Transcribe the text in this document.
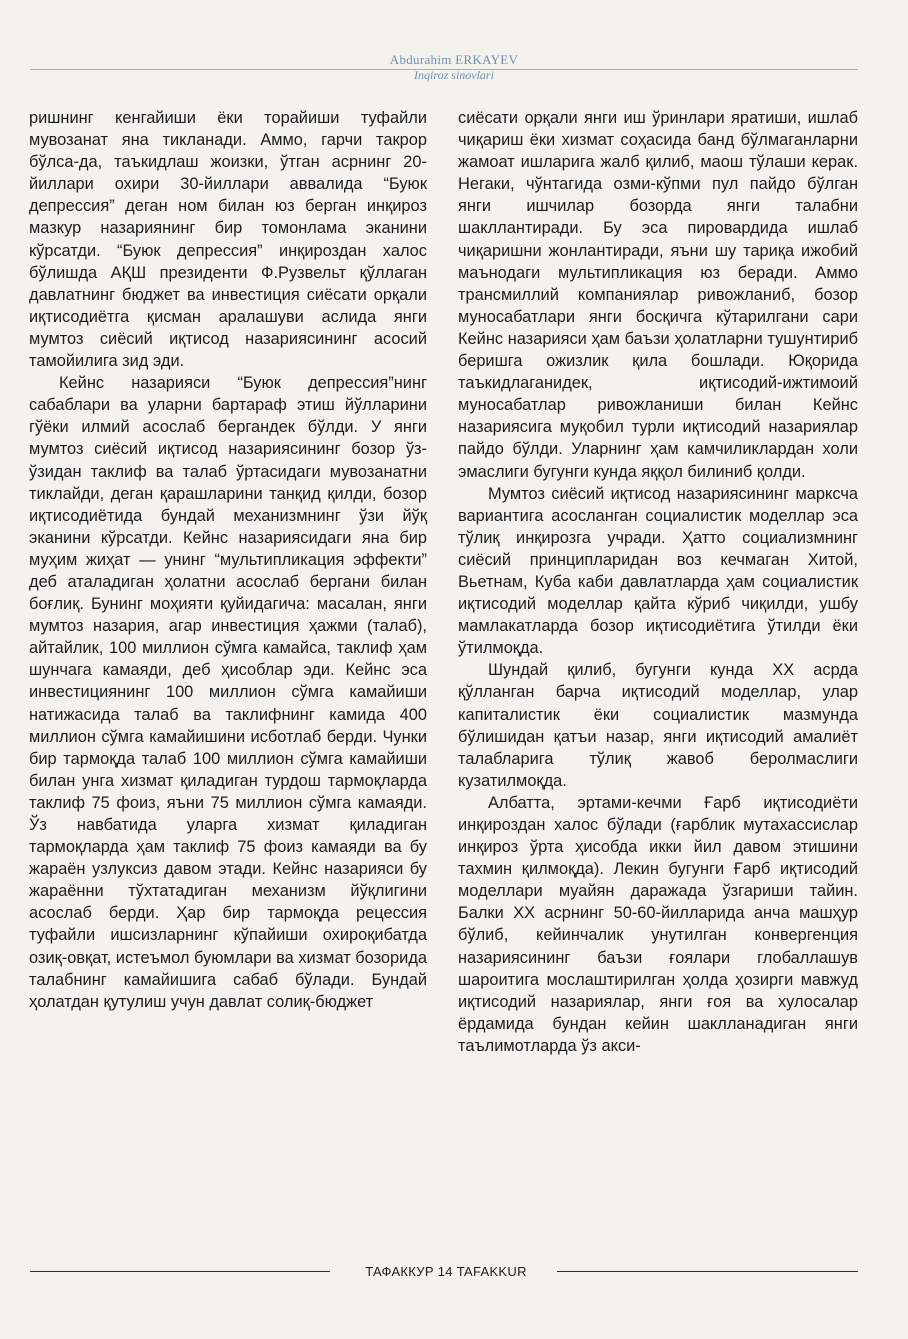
Abdurahim ERKAYEV
Inqiroz sinovlari

ришнинг кенгайиши ёки торайиши туфайли мувозанат яна тикланади. Аммо, гарчи такрор бўлса-да, таъкидлаш жоизки, ўтган асрнинг 20-йиллари охири 30-йиллари аввалида “Буюк депрессия” деган ном билан юз берган инқироз мазкур назариянинг бир томонлама эканини кўрсатди. “Буюк депрессия” инқироздан халос бўлишда АҚШ президенти Ф.Рузвельт қўллаган давлатнинг бюджет ва инвестиция сиёсати орқали иқтисодиётга қисман аралашуви аслида янги мумтоз сиёсий иқтисод назариясининг асосий тамойилига зид эди.

Кейнс назарияси “Буюк депрессия”нинг сабаблари ва уларни бартараф этиш йўлларини гўёки илмий асослаб бергандек бўлди. У янги мумтоз сиёсий иқтисод назариясининг бозор ўз-ўзидан таклиф ва талаб ўртасидаги мувозанатни тиклайди, деган қарашларини танқид қилди, бозор иқтисодиётида бундай механизмнинг ўзи йўқ эканини кўрсатди. Кейнс назариясидаги яна бир муҳим жиҳат — унинг “мультипликация эффекти” деб аталадиган ҳолатни асослаб бергани билан боғлиқ. Бунинг моҳияти қуйидагича: масалан, янги мумтоз назария, агар инвестиция ҳажми (талаб), айтайлик, 100 миллион сўмга камайса, таклиф ҳам шунчага камаяди, деб ҳисоблар эди. Кейнс эса инвестициянинг 100 миллион сўмга камайиши натижасида талаб ва таклифнинг камида 400 миллион сўмга камайишини исботлаб берди. Чунки бир тармоқда талаб 100 миллион сўмга камайиши билан унга хизмат қиладиган турдош тармоқларда таклиф 75 фоиз, яъни 75 миллион сўмга камаяди. Ўз навбатида уларга хизмат қиладиган тармоқларда ҳам таклиф 75 фоиз камаяди ва бу жараён узлуксиз давом этади. Кейнс назарияси бу жараённи тўхтатадиган механизм йўқлигини асослаб берди. Ҳар бир тармоқда рецессия туфайли ишсизларнинг кўпайиши охироқибатда озиқ-овқат, истеъмол буюмлари ва хизмат бозорида талабнинг камайишига сабаб бўлади. Бундай ҳолатдан қутулиш учун давлат солиқ-бюджет

сиёсати орқали янги иш ўринлари яратиши, ишлаб чиқариш ёки хизмат соҳасида банд бўлмаганларни жамоат ишларига жалб қилиб, маош тўлаши керак. Негаки, чўнтагида озми-кўпми пул пайдо бўлган янги ишчилар бозорда янги талабни шакллантиради. Бу эса пировардида ишлаб чиқаришни жонлантиради, яъни шу тариқа ижобий маънодаги мультипликация юз беради. Аммо трансмиллий компаниялар ривожланиб, бозор муносабатлари янги босқичга кўтарилгани сари Кейнс назарияси ҳам баъзи ҳолатларни тушунтириб беришга ожизлик қила бошлади. Юқорида таъкидлаганидек, иқтисодий-ижтимоий муносабатлар ривожланиши билан Кейнс назариясига муқобил турли иқтисодий назариялар пайдо бўлди. Уларнинг ҳам камчиликлардан холи эмаслиги бугунги кунда яққол билиниб қолди.

Мумтоз сиёсий иқтисод назариясининг марксча вариантига асосланган социалистик моделлар эса тўлиқ инқирозга учради. Ҳатто социализмнинг сиёсий принципларидан воз кечмаган Хитой, Вьетнам, Куба каби давлатларда ҳам социалистик иқтисодий моделлар қайта кўриб чиқилди, ушбу мамлакатларда бозор иқтисодиётига ўтилди ёки ўтилмоқда.

Шундай қилиб, бугунги кунда ХХ асрда қўлланган барча иқтисодий моделлар, улар капиталистик ёки социалистик мазмунда бўлишидан қатъи назар, янги иқтисодий амалиёт талабларига тўлиқ жавоб беролмаслиги кузатилмоқда.

Албатта, эртами-кечми Ғарб иқтисодиёти инқироздан халос бўлади (ғарблик мутахассислар инқироз ўрта ҳисобда икки йил давом этишини тахмин қилмоқда). Лекин бугунги Ғарб иқтисодий моделлари муайян даражада ўзгариши тайин. Балки ХХ асрнинг 50-60-йилларида анча машҳур бўлиб, кейинчалик унутилган конвергенция назариясининг баъзи ғоялари глобаллашув шароитига мослаштирилган ҳолда ҳозирги мавжуд иқтисодий назариялар, янги ғоя ва хулосалар ёрдамида бундан кейин шаклланадиган янги таълимотларда ўз акси-

ТАФАККУР 14 TAFAKKUR
